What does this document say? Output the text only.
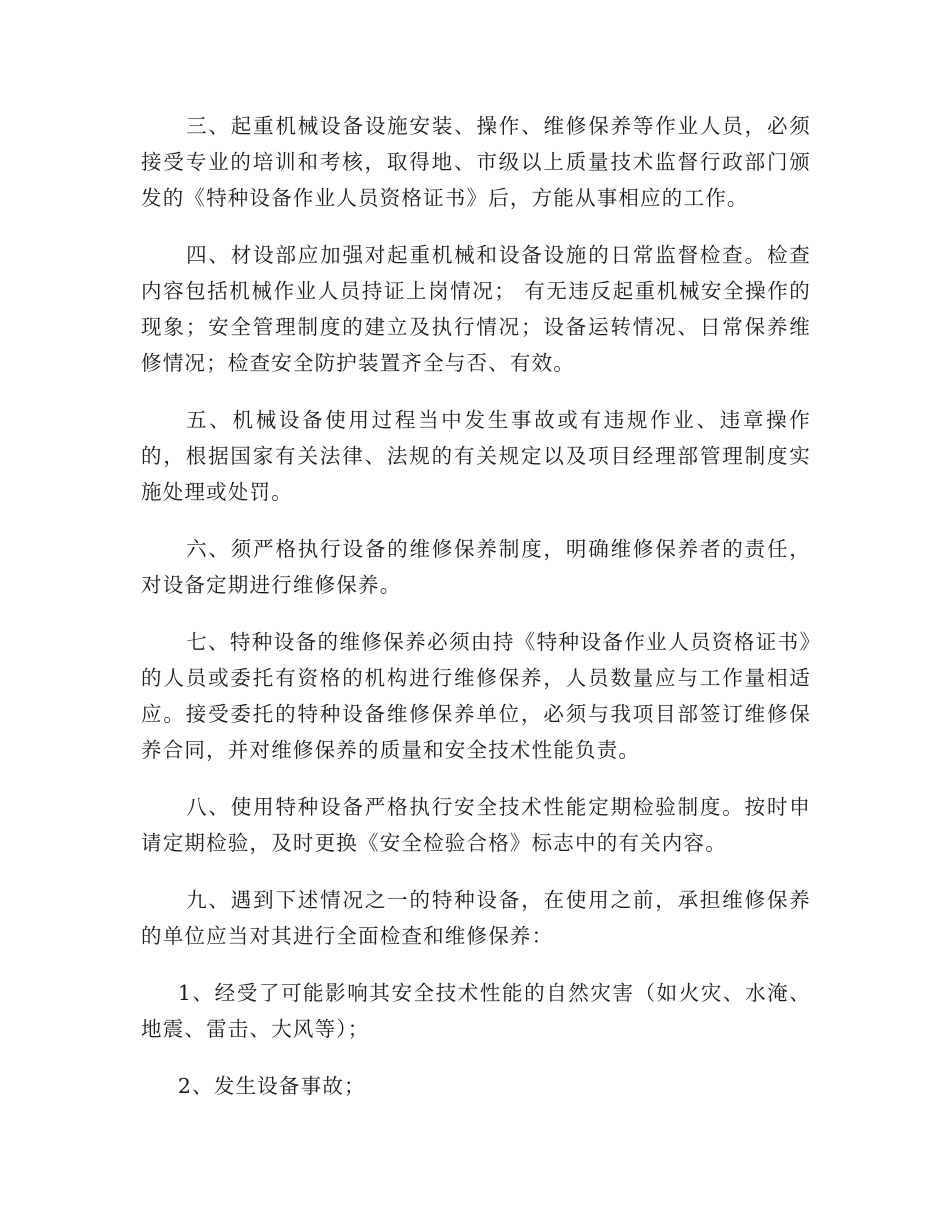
三、起重机械设备设施安装、操作、维修保养等作业人员，必须接受专业的培训和考核，取得地、市级以上质量技术监督行政部门颁发的《特种设备作业人员资格证书》后，方能从事相应的工作。

四、材设部应加强对起重机械和设备设施的日常监督检查。检查内容包括机械作业人员持证上岗情况； 有无违反起重机械安全操作的现象；安全管理制度的建立及执行情况；设备运转情况、日常保养维修情况；检查安全防护装置齐全与否、有效。

五、机械设备使用过程当中发生事故或有违规作业、违章操作的，根据国家有关法律、法规的有关规定以及项目经理部管理制度实施处理或处罚。

六、须严格执行设备的维修保养制度，明确维修保养者的责任，对设备定期进行维修保养。

七、特种设备的维修保养必须由持《特种设备作业人员资格证书》的人员或委托有资格的机构进行维修保养，人员数量应与工作量相适应。接受委托的特种设备维修保养单位，必须与我项目部签订维修保养合同，并对维修保养的质量和安全技术性能负责。

八、使用特种设备严格执行安全技术性能定期检验制度。按时申请定期检验，及时更换《安全检验合格》标志中的有关内容。

九、遇到下述情况之一的特种设备，在使用之前，承担维修保养的单位应当对其进行全面检查和维修保养：

1、经受了可能影响其安全技术性能的自然灾害（如火灾、水淹、地震、雷击、大风等）；

2、发生设备事故；
